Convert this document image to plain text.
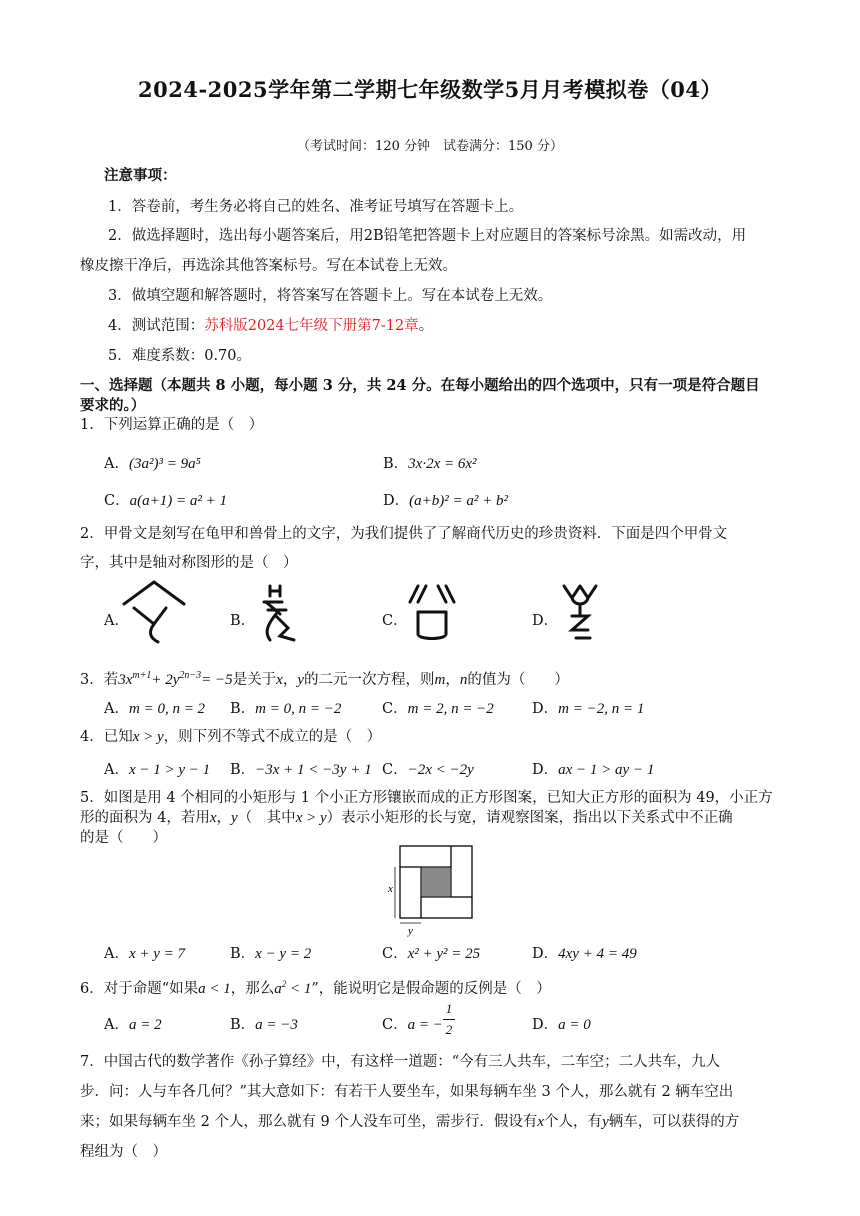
2024-2025学年第二学期七年级数学5月月考模拟卷（04）
（考试时间：120 分钟　试卷满分：150 分）
注意事项：
1．答卷前，考生务必将自己的姓名、准考证号填写在答题卡上。
2．做选择题时，选出每小题答案后，用2B铅笔把答题卡上对应题目的答案标号涂黑。如需改动，用
橡皮擦干净后，再选涂其他答案标号。写在本试卷上无效。
3．做填空题和解答题时，将答案写在答题卡上。写在本试卷上无效。
4．测试范围：苏科版2024七年级下册第7-12章。
5．难度系数：0.70。
一、选择题（本题共 8 小题，每小题 3 分，共 24 分。在每小题给出的四个选项中，只有一项是符合题目
要求的。）
1．下列运算正确的是（　）
A．(3a²)³ = 9a⁵	B．3x·2x = 6x²
C．a(a+1) = a² + 1	D．(a+b)² = a² + b²
2．甲骨文是刻写在龟甲和兽骨上的文字，为我们提供了了解商代历史的珍贵资料．下面是四个甲骨文
字，其中是轴对称图形的是（　）
A．	B．	C．	D．
3．若$3x^{m+1}+ 2y^{2n-3}= -5$是关于x，y的二元一次方程，则m，n的值为（　　）
A．m = 0, n = 2 B．m = 0, n = −2	C．m = 2, n = −2	D．m = −2, n = 1
4．已知x > y，则下列不等式不成立的是（　）
A．x − 1 > y − 1 B．−3x + 1 < −3y + 1 C．−2x < −2y	D．ax − 1 > ay − 1
5．如图是用 4 个相同的小矩形与 1 个小正方形镶嵌而成的正方形图案，已知大正方形的面积为 49，小正方
形的面积为 4，若用x，y（　其中x > y）表示小矩形的长与宽，请观察图案，指出以下关系式中不正确
的是（　　）
x
y
A．x + y = 7	B．x − y = 2	C．x² + y² = 25	D．4xy + 4 = 49
6．对于命题“如果a < 1，那么$a^2 < 1$”，能说明它是假命题的反例是（　）
A．a = 2	B．a = −3	C．a = −
1
2	D．a = 0
7．中国古代的数学著作《孙子算经》中，有这样一道题：“今有三人共车，二车空；二人共车，九人
步．问：人与车各几何？”其大意如下：有若干人要坐车，如果每辆车坐 3 个人，那么就有 2 辆车空出
来；如果每辆车坐 2 个人，那么就有 9 个人没车可坐，需步行．假设有x个人，有y辆车，可以获得的方
程组为（　）
